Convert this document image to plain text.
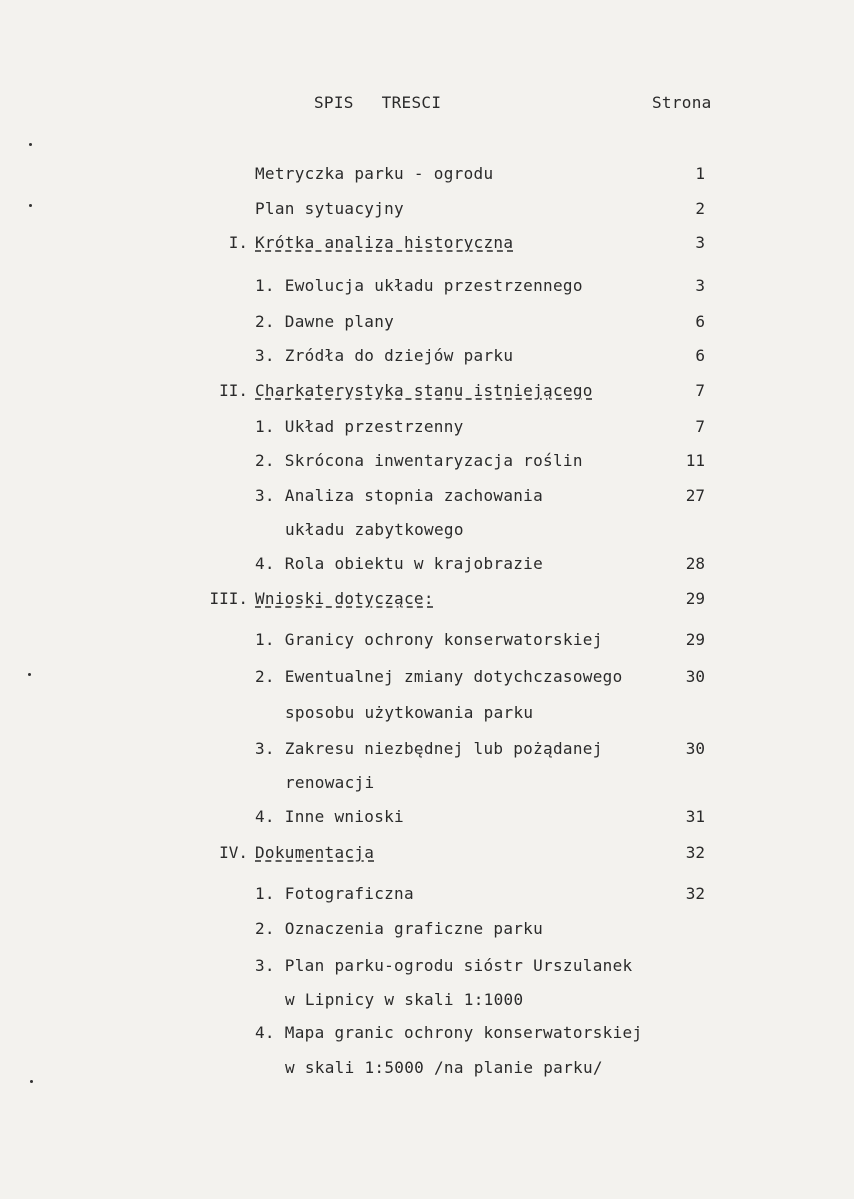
SPIS TRESCI	Strona
Metryczka parku - ogrodu	1
Plan sytuacyjny	2
I. Krótka analiza historyczna	3
1. Ewolucja układu przestrzennego	3
2. Dawne plany	6
3. Zródła do dziejów parku	6
II. Charkaterystyka stanu istniejącego	7
1. Układ przestrzenny	7
2. Skrócona inwentaryzacja roślin	11
3. Analiza stopnia zachowania	27
układu zabytkowego
4. Rola obiektu w krajobrazie	28
III. Wnioski dotyczące:	29
1. Granicy ochrony konserwatorskiej	29
2. Ewentualnej zmiany dotychczasowego	30
sposobu użytkowania parku
3. Zakresu niezbędnej lub pożądanej	30
renowacji
4. Inne wnioski	31
IV. Dokumentacja	32
1. Fotograficzna	32
2. Oznaczenia graficzne parku
3. Plan parku-ogrodu sióstr Urszulanek
w Lipnicy w skali 1:1000
4. Mapa granic ochrony konserwatorskiej
w skali 1:5000 /na planie parku/
